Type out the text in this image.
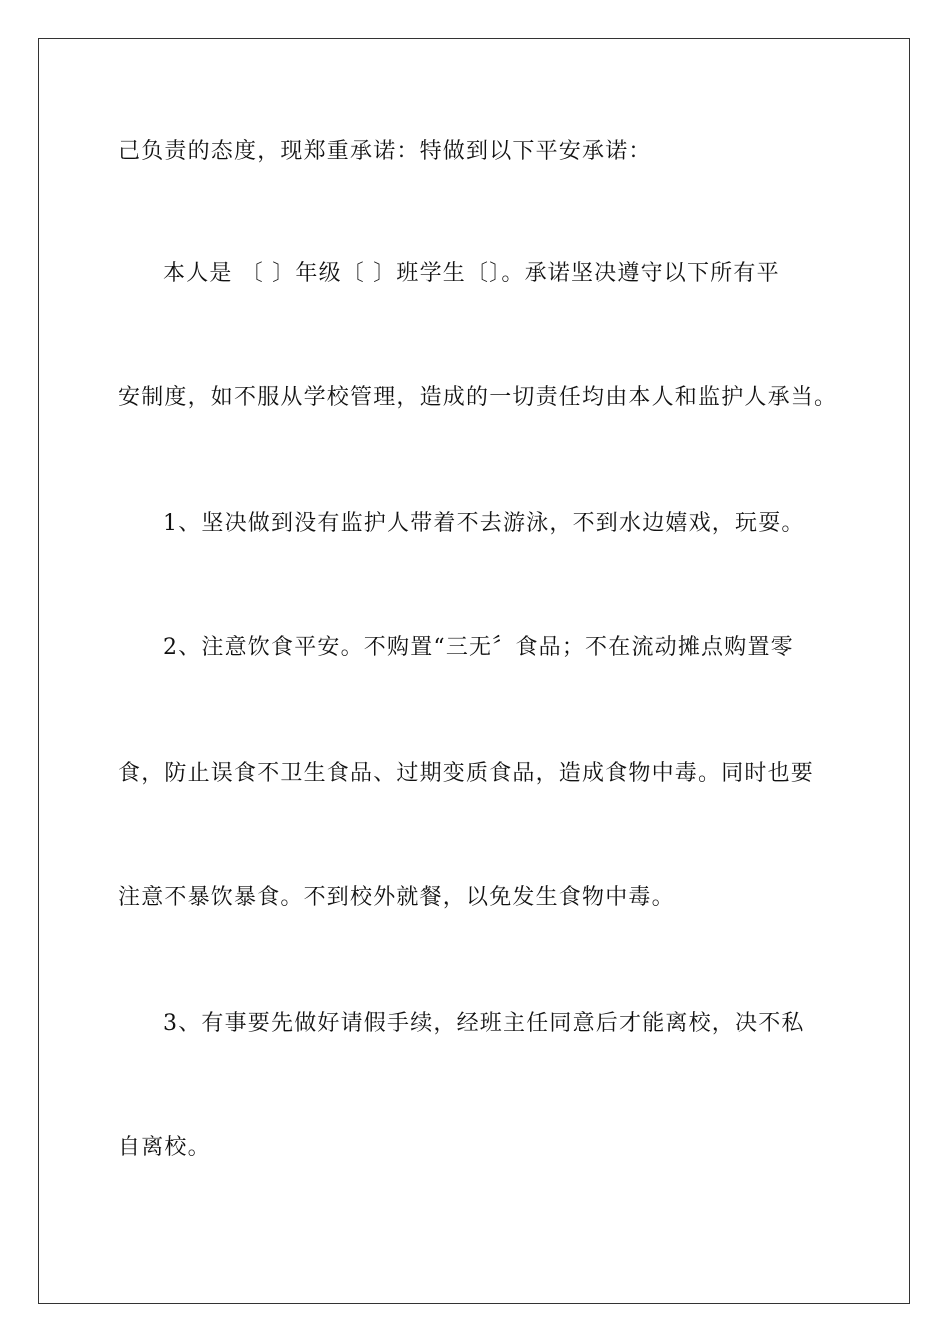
己负责的态度，现郑重承诺：特做到以下平安承诺：
本人是 〔 〕年级〔 〕班学生〔〕。承诺坚决遵守以下所有平
安制度，如不服从学校管理，造成的一切责任均由本人和监护人承当。
1、坚决做到没有监护人带着不去游泳，不到水边嬉戏，玩耍。
2、注意饮食平安。不购置“三无〞食品；不在流动摊点购置零
食，防止误食不卫生食品、过期变质食品，造成食物中毒。同时也要
注意不暴饮暴食。不到校外就餐，以免发生食物中毒。
3、有事要先做好请假手续，经班主任同意后才能离校，决不私
自离校。
